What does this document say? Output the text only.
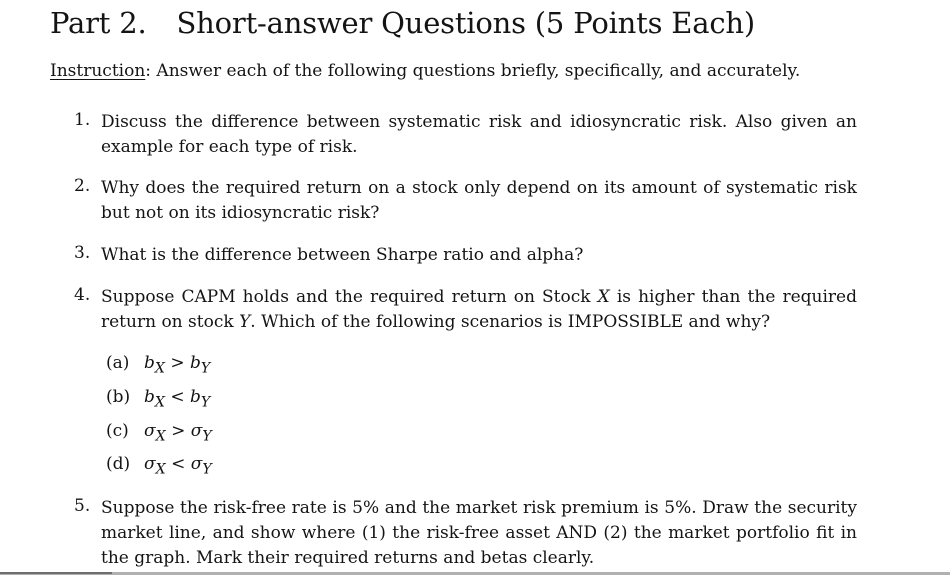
Part 2. Short-answer Questions (5 Points Each)

Instruction: Answer each of the following questions briefly, specifically, and accurately.

1. Discuss the difference between systematic risk and idiosyncratic risk. Also given an example for each type of risk.

2. Why does the required return on a stock only depend on its amount of systematic risk but not on its idiosyncratic risk?

3. What is the difference between Sharpe ratio and alpha?

4. Suppose CAPM holds and the required return on Stock X is higher than the required return on stock Y. Which of the following scenarios is IMPOSSIBLE and why?

(a) $b_X > b_Y$
(b) $b_X < b_Y$
(c) $\sigma_X > \sigma_Y$
(d) $\sigma_X < \sigma_Y$
5. Suppose the risk-free rate is 5% and the market risk premium is 5%. Draw the security market line, and show where (1) the risk-free asset AND (2) the market portfolio fit in the graph. Mark their required returns and betas clearly.
